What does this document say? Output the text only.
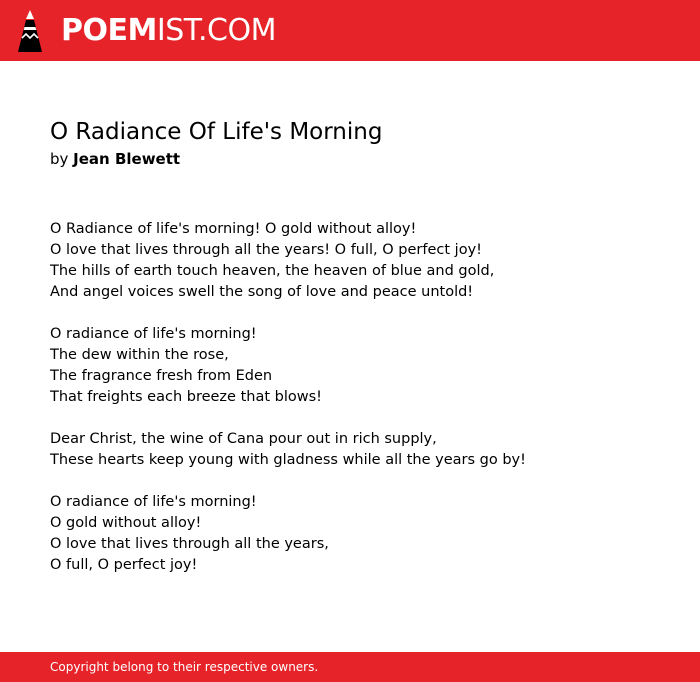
POEMIST.COM
O Radiance Of Life's Morning
by Jean Blewett
O Radiance of life's morning! O gold without alloy!
O love that lives through all the years! O full, O perfect joy!
The hills of earth touch heaven, the heaven of blue and gold,
And angel voices swell the song of love and peace untold!
O radiance of life's morning!
The dew within the rose,
The fragrance fresh from Eden
That freights each breeze that blows!
Dear Christ, the wine of Cana pour out in rich supply,
These hearts keep young with gladness while all the years go by!
O radiance of life's morning!
O gold without alloy!
O love that lives through all the years,
O full, O perfect joy!
Copyright belong to their respective owners.
